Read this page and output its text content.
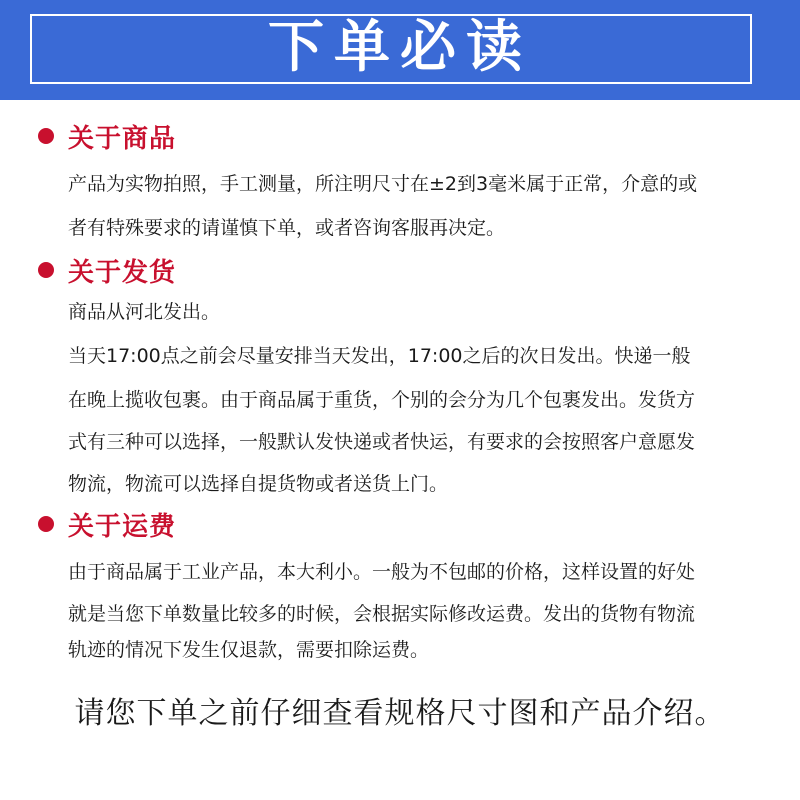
下单必读
关于商品

产品为实物拍照，手工测量，所注明尺寸在±2到3毫米属于正常，介意的或

者有特殊要求的请谨慎下单，或者咨询客服再决定。

关于发货

商品从河北发出。

当天17:00点之前会尽量安排当天发出，17:00之后的次日发出。快递一般

在晚上揽收包裹。由于商品属于重货，个别的会分为几个包裹发出。发货方

式有三种可以选择，一般默认发快递或者快运，有要求的会按照客户意愿发

物流，物流可以选择自提货物或者送货上门。

关于运费

由于商品属于工业产品，本大利小。一般为不包邮的价格，这样设置的好处

就是当您下单数量比较多的时候，会根据实际修改运费。发出的货物有物流

轨迹的情况下发生仅退款，需要扣除运费。

请您下单之前仔细查看规格尺寸图和产品介绍。
